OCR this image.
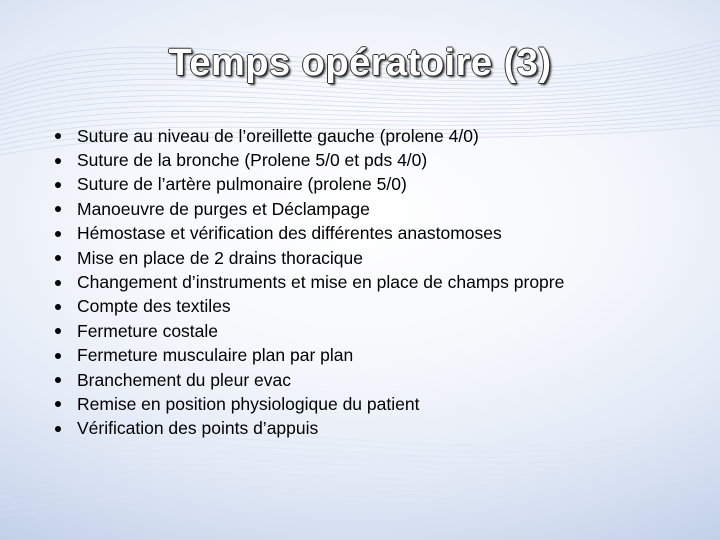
Temps opératoire (3)
Suture au niveau de l’oreillette gauche (prolene 4/0)
Suture de la bronche (Prolene 5/0 et pds 4/0)
Suture de l’artère pulmonaire (prolene 5/0)
Manoeuvre de purges et Déclampage
Hémostase et vérification des différentes anastomoses
Mise en place de 2 drains thoracique
Changement d’instruments et mise en place de champs propre
Compte des textiles
Fermeture costale
Fermeture musculaire plan par plan
Branchement du pleur evac
Remise en position physiologique du patient
Vérification des points d’appuis
